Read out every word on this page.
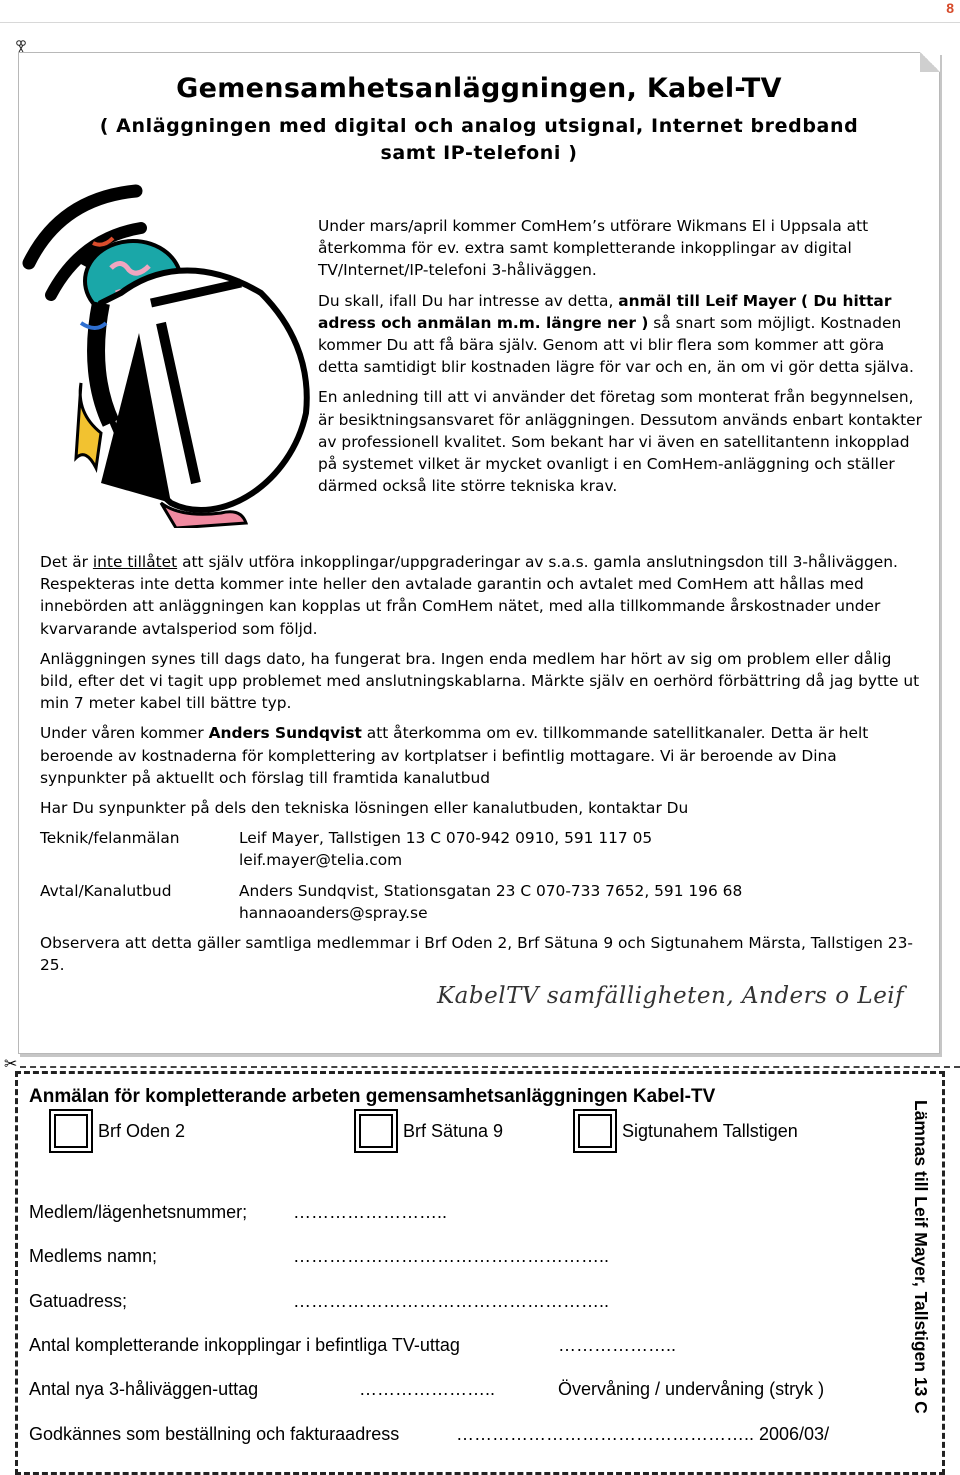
8
Gemensamhetsanläggningen, Kabel-TV
( Anläggningen med digital och analog utsignal, Internet bredband samt IP-telefoni )

Under mars/april kommer ComHem’s utförare Wikmans El i Uppsala att återkomma för ev. extra samt kompletterande inkopplingar av digital TV/Internet/IP-telefoni 3-håliväggen.

Du skall, ifall Du har intresse av detta, anmäl till Leif Mayer ( Du hittar adress och anmälan m.m. längre ner ) så snart som möjligt. Kostnaden kommer Du att få bära själv. Genom att vi blir flera som kommer att göra detta samtidigt blir kostnaden lägre för var och en, än om vi gör detta själva.

En anledning till att vi använder det företag som monterat från begynnelsen, är besiktningsansvaret för anläggningen. Dessutom används enbart kontakter av professionell kvalitet. Som bekant har vi även en satellitantenn inkopplad på systemet vilket är mycket ovanligt i en ComHem-anläggning och ställer därmed också lite större tekniska krav.

Det är inte tillåtet att själv utföra inkopplingar/uppgraderingar av s.a.s. gamla anslutningsdon till 3-håliväggen. Respekteras inte detta kommer inte heller den avtalade garantin och avtalet med ComHem att hållas med innebörden att anläggningen kan kopplas ut från ComHem nätet, med alla tillkommande årskostnader under kvarvarande avtalsperiod som följd.

Anläggningen synes till dags dato, ha fungerat bra. Ingen enda medlem har hört av sig om problem eller dålig bild, efter det vi tagit upp problemet med anslutningskablarna. Märkte själv en oerhörd förbättring då jag bytte ut min 7 meter kabel till bättre typ.

Under våren kommer Anders Sundqvist att återkomma om ev. tillkommande satellitkanaler. Detta är helt beroende av kostnaderna för komplettering av kortplatser i befintlig mottagare. Vi är beroende av Dina synpunkter på aktuellt och förslag till framtida kanalutbud

Har Du synpunkter på dels den tekniska lösningen eller kanalutbuden, kontaktar Du

Teknik/felanmälan	Leif Mayer, Tallstigen 13 C 070-942 0910, 591 117 05
leif.mayer@telia.com
Avtal/Kanalutbud	Anders Sundqvist, Stationsgatan 23 C 070-733 7652, 591 196 68
hannaoanders@spray.se

Observera att detta gäller samtliga medlemmar i Brf Oden 2, Brf Sätuna 9 och Sigtunahem Märsta, Tallstigen 23-25.

KabelTV samfälligheten, Anders o Leif
✂
Anmälan för kompletterande arbeten gemensamhetsanläggningen Kabel-TV
Brf Oden 2	Brf Sätuna 9	Sigtunahem Tallstigen
Medlem/lägenhetsnummer;	……………………..
Medlems namn;	……………………………………………..
Gatuadress;	……………………………………………..
Antal kompletterande inkopplingar i befintliga TV-uttag	………………..
Antal nya 3-håliväggen-uttag	…………………..	Övervåning / undervåning (stryk )
Godkännes som beställning och fakturaadress	………………………………………….. 2006/03/
Lämnas till Leif Mayer, Tallstigen 13 C
